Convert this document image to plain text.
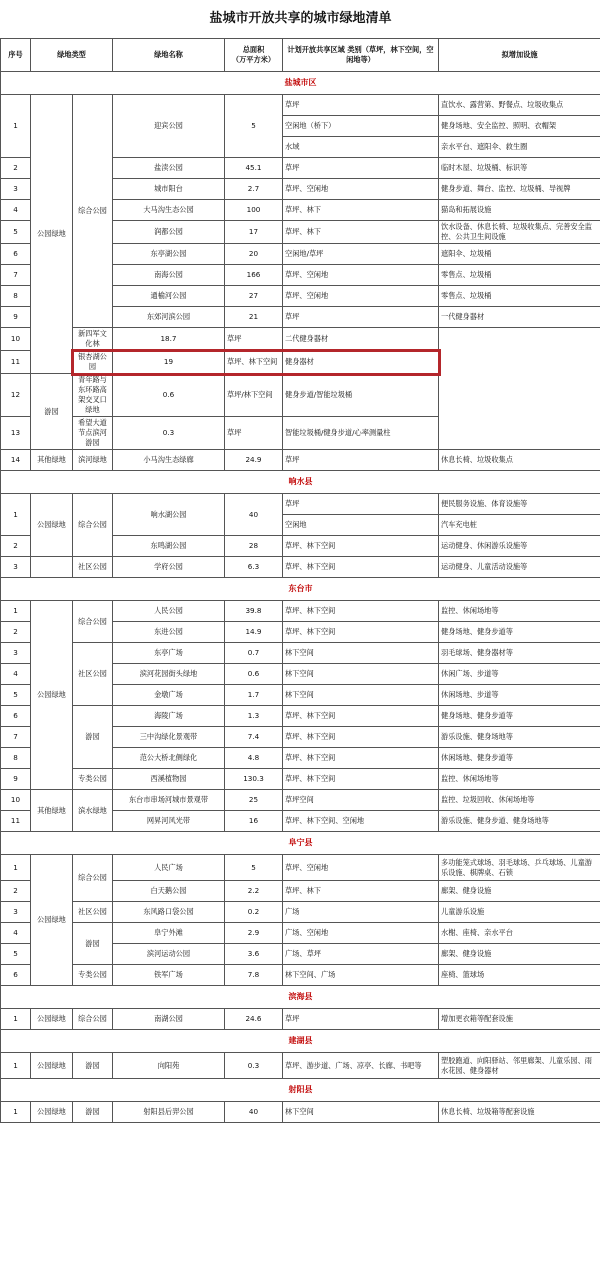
盐城市开放共享的城市绿地清单						
序号	绿地类型		绿地名称	总面积
（万平方米）	计划开放共享区域 类别（草坪，林下空间，空闲地等）	拟增加设施
盐城市区						
1	公园绿地	综合公园	迎宾公园	5	草坪	直饮水、露营第、野餐点、垃圾收集点
					空闲地（桥下）	健身场地、安全监控、照明、衣帽架
					水域	亲水平台、遮阳伞、救生圈
2			盐渎公园	45.1	草坪	临时木屋、垃圾桶、标识等
3			城市阳台	2.7	草坪、空闲地	健身步道、舞台、监控、垃圾桶、导视牌
4			大马沟生态公园	100	草坪、林下	猫岛和拓展设施
5			润都公园	17	草坪、林下	饮水设备、休息长椅、垃圾收集点、完善安全监控、公共卫生间设施
6			东亭湖公园	20	空闲地/草坪	遮阳伞、垃圾桶
7			南海公园	166	草坪、空闲地	零售点、垃圾桶
8			通榆河公园	27	草坪、空闲地	零售点、垃圾桶
9			东郊河滨公园	21	草坪	一代健身器材
10		新四军文化林	18.7	草坪	二代健身器材	
11		银杏湖公园	19	草坪、林下空间	健身器材	
12	游园	青年路与东环路高架交叉口绿地	0.6	草坪/林下空间	健身步道/智能垃圾桶	
13		希望大道节点滨河游园	0.3	草坪	智能垃圾桶/健身步道/心率测量柱	
14	其他绿地	滨河绿地	小马沟生态绿廊	24.9	草坪	休息长椅、垃圾收集点
响水县						
1	公园绿地	综合公园	响水湖公园	40	草坪	便民服务设施、体育设施等
					空闲地	汽车充电桩
2			东鸣湖公园	28	草坪、林下空间	运动健身、休闲游乐设施等
3		社区公园	学府公园	6.3	草坪、林下空间	运动健身、儿童活动设施等
东台市						
1	公园绿地	综合公园	人民公园	39.8	草坪、林下空间	监控、休闲场地等
2			东进公园	14.9	草坪、林下空间	健身场地、健身步道等
3		社区公园	东亭广场	0.7	林下空间	羽毛球场、健身器材等
4			滨河花园街头绿地	0.6	林下空间	休闲广场、步道等
5			金墩广场	1.7	林下空间	休闲场地、步道等
6		游园	海陵广场	1.3	草坪、林下空间	健身场地、健身步道等
7			三中沟绿化景观带	7.4	草坪、林下空间	游乐设施、健身场地等
8			范公大桥北侧绿化	4.8	草坪、林下空间	休闲场地、健身步道等
9		专类公园	西溪植物园	130.3	草坪、林下空间	监控、休闲场地等
10	其他绿地	滨水绿地	东台市串场河城市景观带	25	草坪空间	监控、垃圾回收、休闲场地等
11			网昇河风光带	16	草坪、林下空间、空闲地	游乐设施、健身步道、健身场地等
阜宁县						
1	公园绿地	综合公园	人民广场	5	草坪、空闲地	多功能笼式球场、羽毛球场、乒乓球场、儿童游乐设施、棋牌桌、石锁
2			白天鹅公园	2.2	草坪、林下	廊架、健身设施
3		社区公园	东风路口袋公园	0.2	广场	儿童游乐设施
4		游园	阜宁外滩	2.9	广场、空闲地	水榭、座椅、亲水平台
5			滨河运动公园	3.6	广场、草坪	廊架、健身设施
6		专类公园	铁军广场	7.8	林下空间、广场	座椅、篮球场
滨海县						
1	公园绿地	综合公园	南湖公园	24.6	草坪	增加更衣箱等配套设施
建湖县						
1	公园绿地	游园	向阳苑	0.3	草坪、游步道、广场、凉亭、长廊、书吧等	塑胶跑道、向阳驿站、邻里廊架、儿童乐园、雨水花园、健身器材
射阳县						
1	公园绿地	游园	射阳县后羿公园	40	林下空间	休息长椅、垃圾箱等配套设施
